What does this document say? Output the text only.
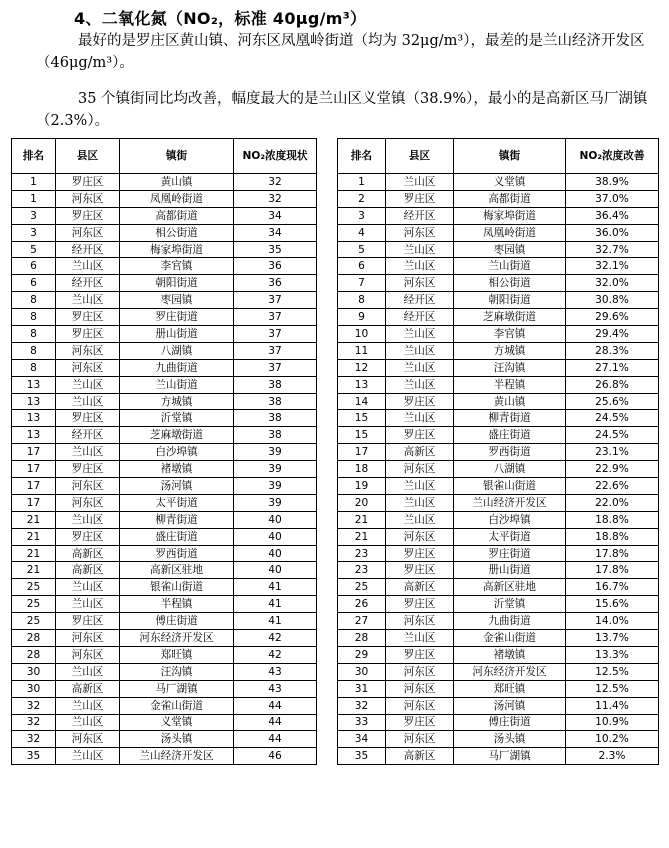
4、二氧化氮（NO₂，标准 40μg/m³）

最好的是罗庄区黄山镇、河东区凤凰岭街道（均为 32μg/m³），最差的是兰山经济开发区（46μg/m³）。

35 个镇街同比均改善，幅度最大的是兰山区义堂镇（38.9%），最小的是高新区马厂湖镇（2.3%）。

排名	县区	镇街	NO₂浓度现状
1	罗庄区	黄山镇	32
1	河东区	凤凰岭街道	32
3	罗庄区	高都街道	34
3	河东区	相公街道	34
5	经开区	梅家埠街道	35
6	兰山区	李官镇	36
6	经开区	朝阳街道	36
8	兰山区	枣园镇	37
8	罗庄区	罗庄街道	37
8	罗庄区	册山街道	37
8	河东区	八湖镇	37
8	河东区	九曲街道	37
13	兰山区	兰山街道	38
13	兰山区	方城镇	38
13	罗庄区	沂堂镇	38
13	经开区	芝麻墩街道	38
17	兰山区	白沙埠镇	39
17	罗庄区	褚墩镇	39
17	河东区	汤河镇	39
17	河东区	太平街道	39
21	兰山区	柳青街道	40
21	罗庄区	盛庄街道	40
21	高新区	罗西街道	40
21	高新区	高新区驻地	40
25	兰山区	银雀山街道	41
25	兰山区	半程镇	41
25	罗庄区	傅庄街道	41
28	河东区	河东经济开发区	42
28	河东区	郑旺镇	42
30	兰山区	汪沟镇	43
30	高新区	马厂湖镇	43
32	兰山区	金雀山街道	44
32	兰山区	义堂镇	44
32	河东区	汤头镇	44
35	兰山区	兰山经济开发区	46
排名	县区	镇街	NO₂浓度改善
1	兰山区	义堂镇	38.9%
2	罗庄区	高都街道	37.0%
3	经开区	梅家埠街道	36.4%
4	河东区	凤凰岭街道	36.0%
5	兰山区	枣园镇	32.7%
6	兰山区	兰山街道	32.1%
7	河东区	相公街道	32.0%
8	经开区	朝阳街道	30.8%
9	经开区	芝麻墩街道	29.6%
10	兰山区	李官镇	29.4%
11	兰山区	方城镇	28.3%
12	兰山区	汪沟镇	27.1%
13	兰山区	半程镇	26.8%
14	罗庄区	黄山镇	25.6%
15	兰山区	柳青街道	24.5%
15	罗庄区	盛庄街道	24.5%
17	高新区	罗西街道	23.1%
18	河东区	八湖镇	22.9%
19	兰山区	银雀山街道	22.6%
20	兰山区	兰山经济开发区	22.0%
21	兰山区	白沙埠镇	18.8%
21	河东区	太平街道	18.8%
23	罗庄区	罗庄街道	17.8%
23	罗庄区	册山街道	17.8%
25	高新区	高新区驻地	16.7%
26	罗庄区	沂堂镇	15.6%
27	河东区	九曲街道	14.0%
28	兰山区	金雀山街道	13.7%
29	罗庄区	褚墩镇	13.3%
30	河东区	河东经济开发区	12.5%
31	河东区	郑旺镇	12.5%
32	河东区	汤河镇	11.4%
33	罗庄区	傅庄街道	10.9%
34	河东区	汤头镇	10.2%
35	高新区	马厂湖镇	2.3%
